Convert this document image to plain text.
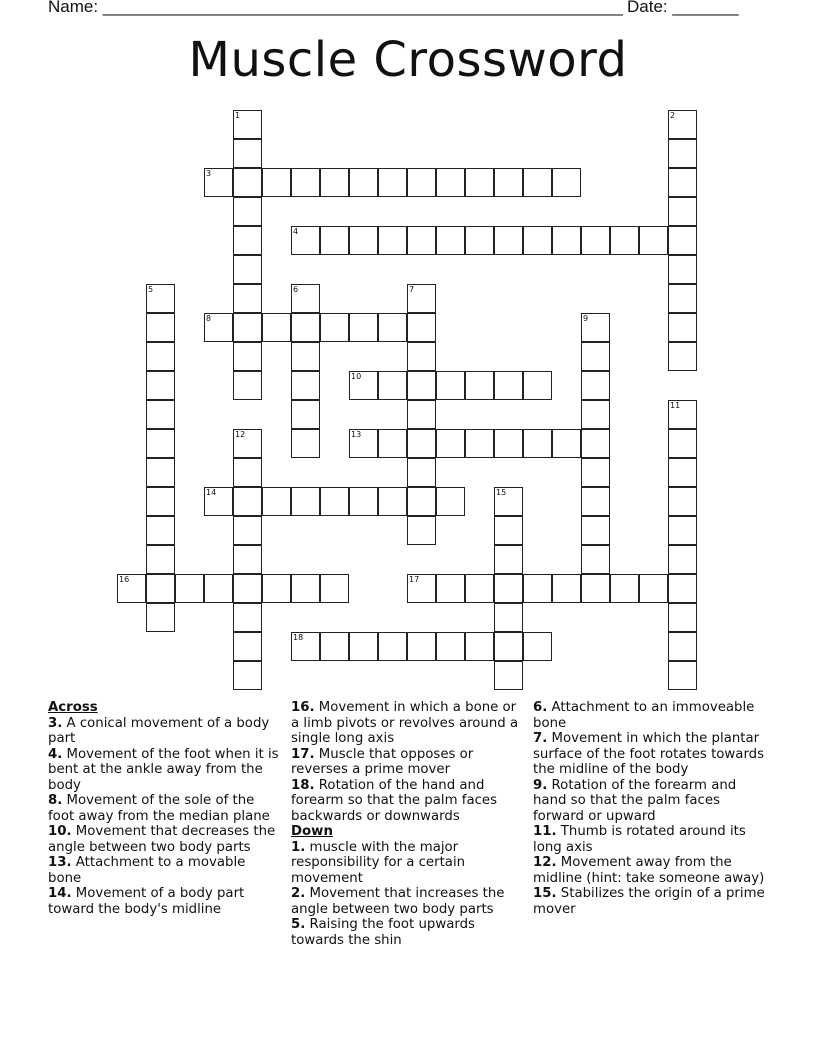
Name: _______________________________________________________ Date: _______
Muscle Crossword
1	2
3
4
5	6	7
8	9
10
11
12	13
14	15
16	17
18
Across
3. A conical movement of a body part
4. Movement of the foot when it is bent at the ankle away from the body
8. Movement of the sole of the foot away from the median plane
10. Movement that decreases the angle between two body parts
13. Attachment to a movable bone
14. Movement of a body part toward the body's midline
16. Movement in which a bone or a limb pivots or revolves around a single long axis
17. Muscle that opposes or reverses a prime mover
18. Rotation of the hand and forearm so that the palm faces backwards or downwards
Down
1. muscle with the major responsibility for a certain movement
2. Movement that increases the angle between two body parts
5. Raising the foot upwards towards the shin
6. Attachment to an immoveable bone
7. Movement in which the plantar surface of the foot rotates towards the midline of the body
9. Rotation of the forearm and hand so that the palm faces forward or upward
11. Thumb is rotated around its long axis
12. Movement away from the midline (hint: take someone away)
15. Stabilizes the origin of a prime mover
